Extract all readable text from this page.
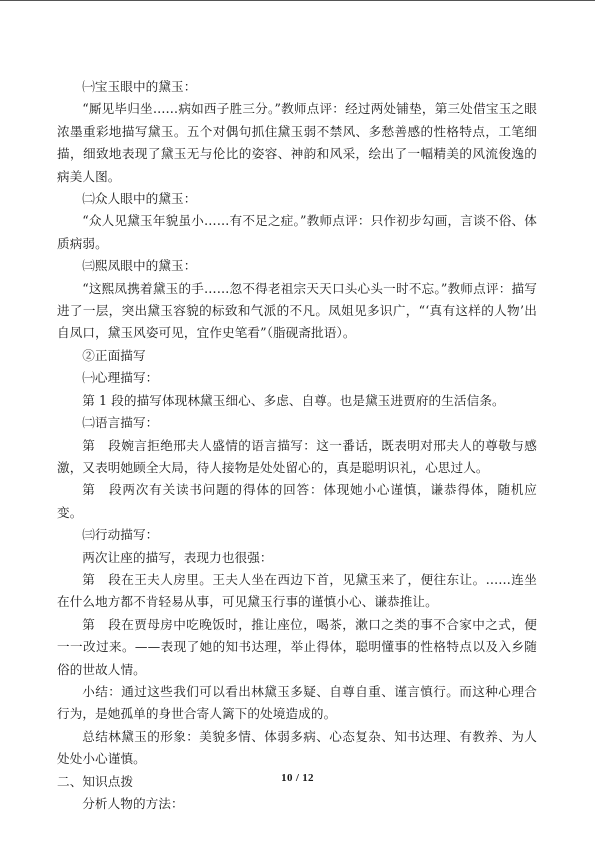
㈠宝玉眼中的黛玉：

“厮见毕归坐……病如西子胜三分。”教师点评：经过两处铺垫，第三处借宝玉之眼浓墨重彩地描写黛玉。五个对偶句抓住黛玉弱不禁风、多愁善感的性格特点，工笔细描，细致地表现了黛玉无与伦比的姿容、神韵和风采，绘出了一幅精美的风流俊逸的病美人图。

㈡众人眼中的黛玉：

“众人见黛玉年貌虽小……有不足之症。”教师点评：只作初步勾画，言谈不俗、体质病弱。

㈢熙凤眼中的黛玉：

“这熙凤携着黛玉的手……忽不得老祖宗天天口头心头一时不忘。”教师点评：描写进了一层，突出黛玉容貌的标致和气派的不凡。凤姐见多识广，“‘真有这样的人物’出自凤口，黛玉风姿可见，宜作史笔看”（脂砚斋批语）。

②正面描写

㈠心理描写：

第 1 段的描写体现林黛玉细心、多虑、自尊。也是黛玉进贾府的生活信条。

㈡语言描写：

第　段婉言拒绝邢夫人盛情的语言描写：这一番话，既表明对邢夫人的尊敬与感激，又表明她顾全大局，待人接物是处处留心的，真是聪明识礼，心思过人。

第　段两次有关读书问题的得体的回答：体现她小心谨慎，谦恭得体，随机应变。

㈢行动描写：

两次让座的描写，表现力也很强：

第　段在王夫人房里。王夫人坐在西边下首，见黛玉来了，便往东让。……连坐在什么地方都不肯轻易从事，可见黛玉行事的谨慎小心、谦恭推让。

第　段在贾母房中吃晚饭时，推让座位，喝茶，漱口之类的事不合家中之式，便一一改过来。——表现了她的知书达理，举止得体，聪明懂事的性格特点以及入乡随俗的世故人情。

小结：通过这些我们可以看出林黛玉多疑、自尊自重、谨言慎行。而这种心理合行为，是她孤单的身世合寄人篱下的处境造成的。

总结林黛玉的形象：美貌多情、体弱多病、心态复杂、知书达理、有教养、为人处处小心谨慎。

二、知识点拨

分析人物的方法：

10 / 12
